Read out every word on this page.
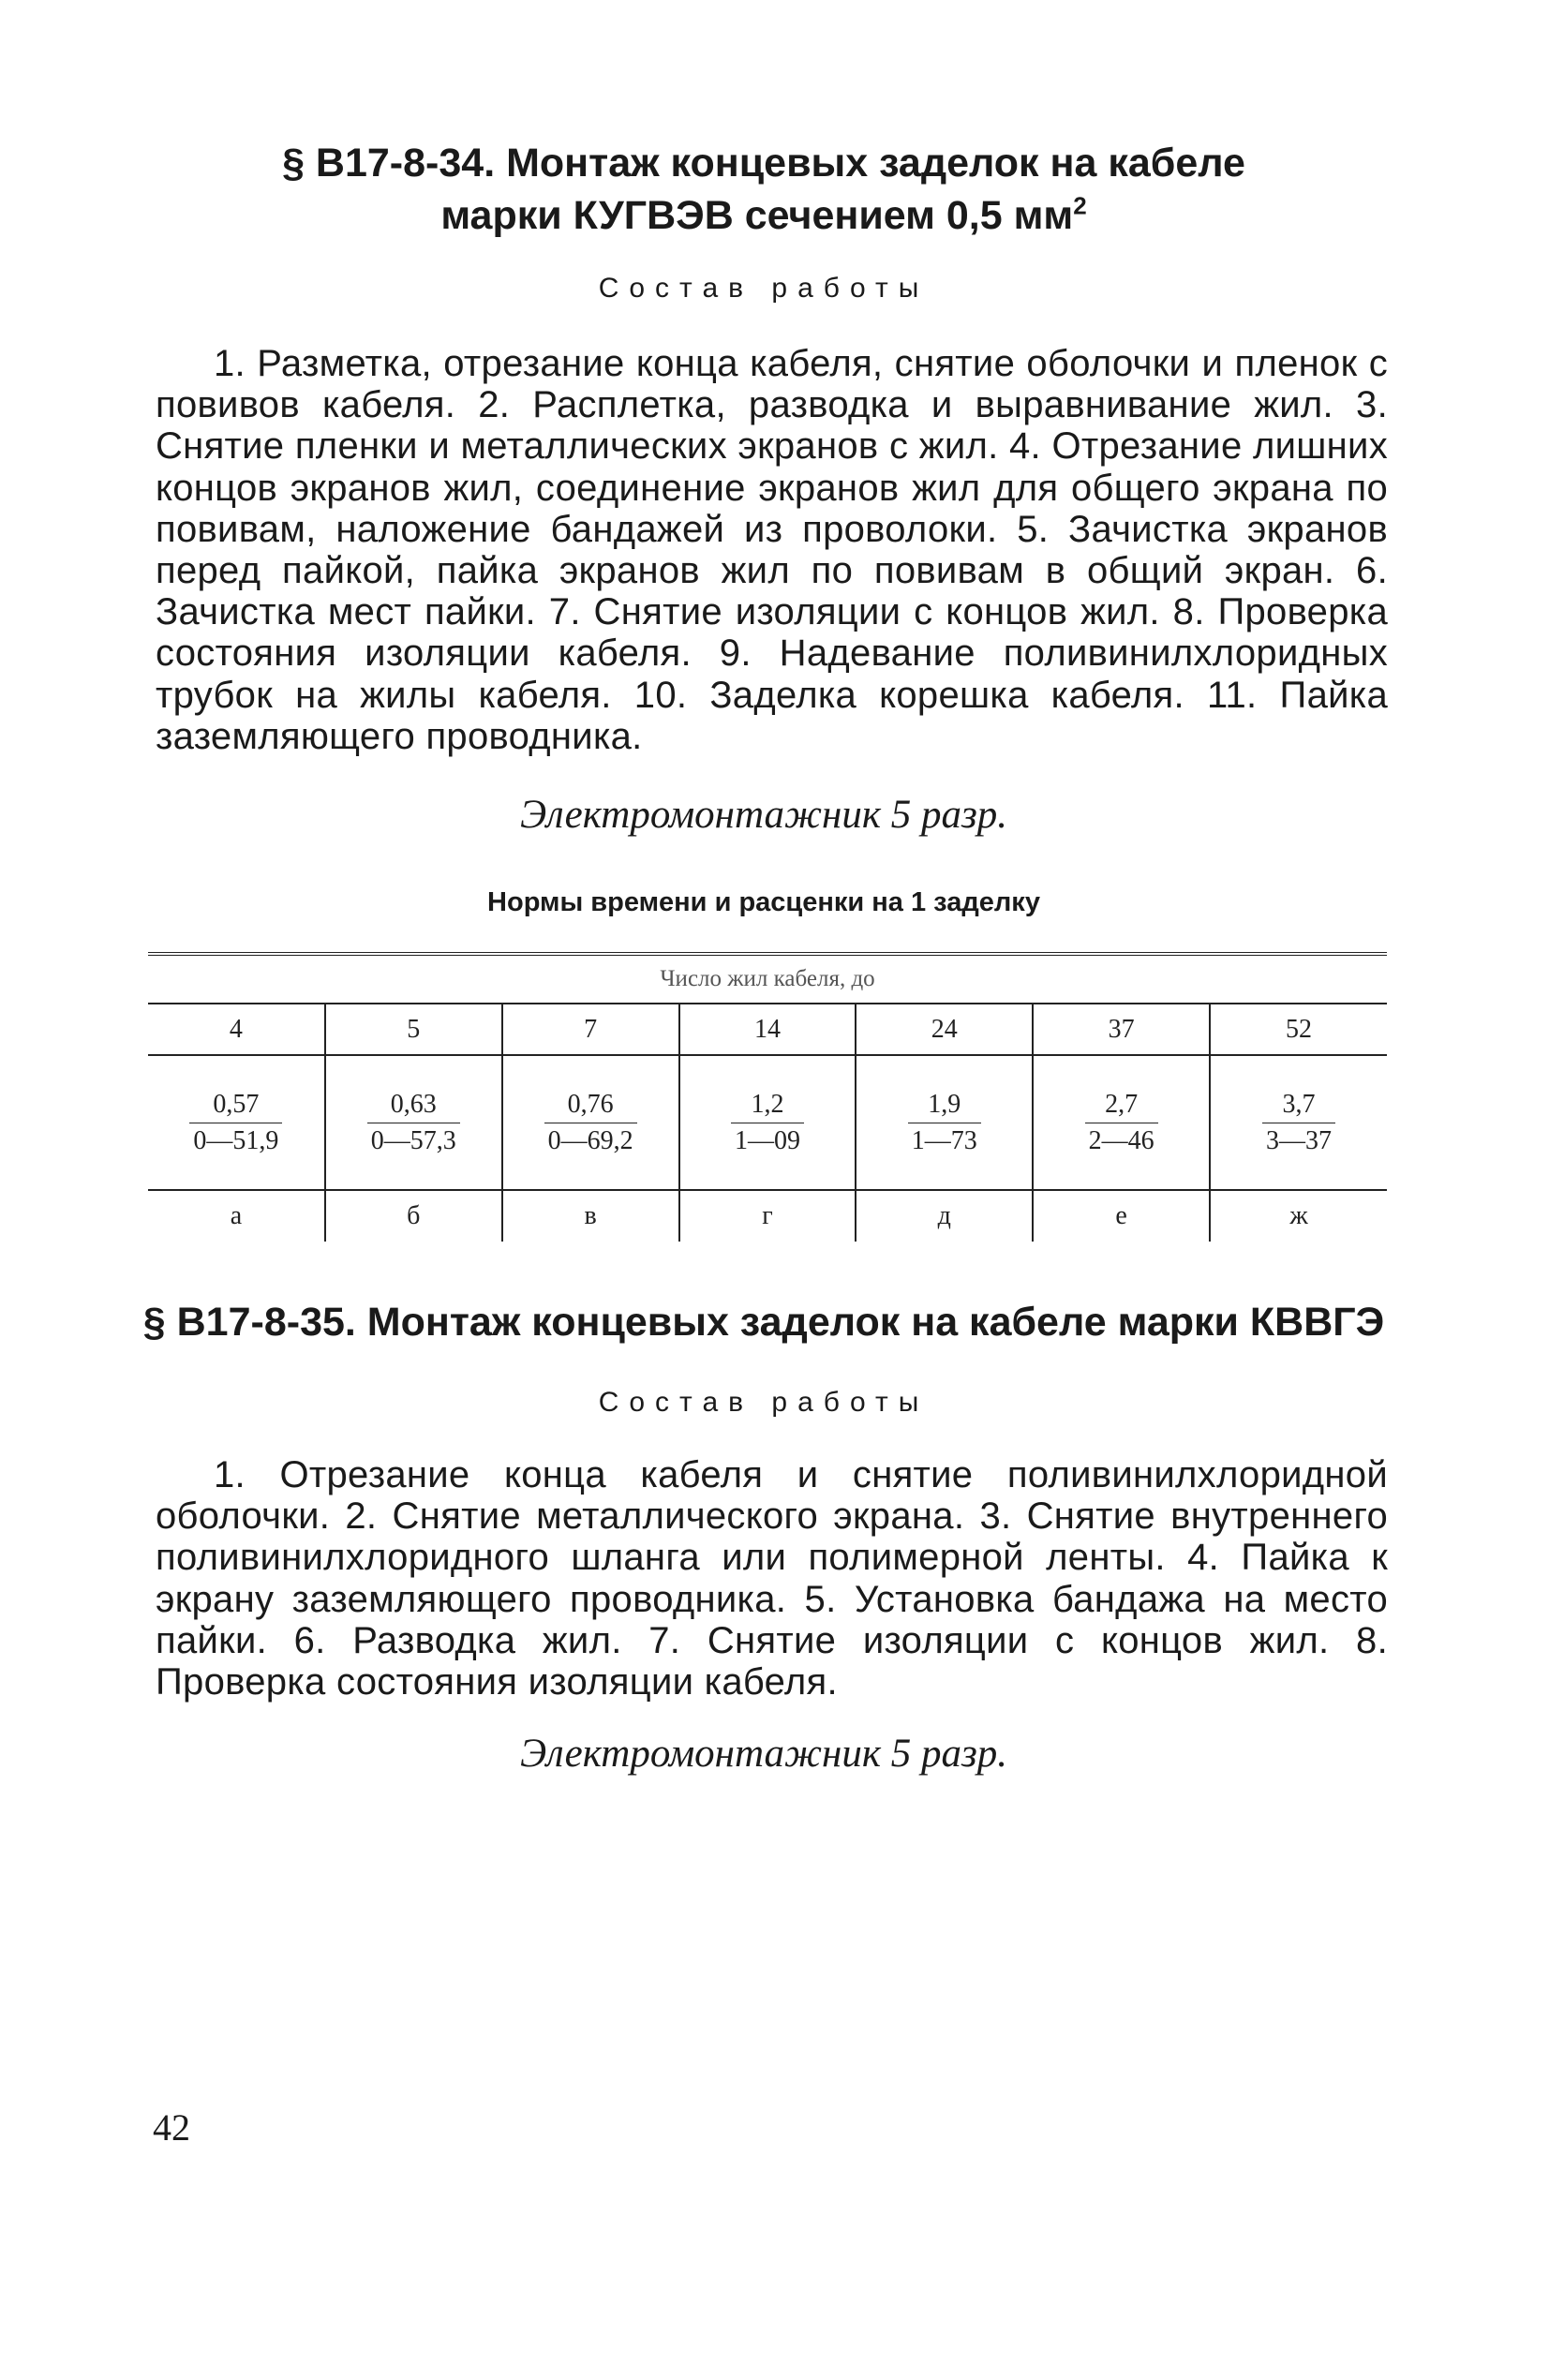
§ В17-8-34. Монтаж концевых заделок на кабеле
марки КУГВЭВ сечением 0,5 $мм^2$

Состав работы

1. Разметка, отрезание конца кабеля, снятие оболочки и пленок с повивов кабеля. 2. Расплетка, разводка и выравнивание жил. 3. Снятие пленки и металлических экранов с жил. 4. Отрезание лишних концов экранов жил, соединение экранов жил для общего экрана по повивам, наложение бандажей из проволоки. 5. Зачистка экранов перед пайкой, пайка экранов жил по повивам в общий экран. 6. Зачистка мест пайки. 7. Снятие изоляции с концов жил. 8. Проверка состояния изоляции кабеля. 9. Надевание поливинилхлоридных трубок на жилы кабеля. 10. Заделка корешка кабеля. 11. Пайка заземляющего проводника.

Электромонтажник 5 разр.

Нормы времени и расценки на 1 заделку

Число жил кабеля, до						
4	5	7	14	24	37	52

$\frac{0,57}{0—51,9}$	$\frac{0,63}{0—57,3}$	$\frac{0,76}{0—69,2}$	$\frac{1,2}{1—09}$	$\frac{1,9}{1—73}$	$\frac{2,7}{2—46}$	$\frac{3,7}{3—37}$

а	б	в	г	д	е	ж
§ В17-8-35. Монтаж концевых заделок на кабеле марки КВВГЭ

Состав работы

1. Отрезание конца кабеля и снятие поливинилхлоридной оболочки. 2. Снятие металлического экрана. 3. Снятие внутреннего поливинилхлоридного шланга или полимерной ленты. 4. Пайка к экрану заземляющего проводника. 5. Установка бандажа на место пайки. 6. Разводка жил. 7. Снятие изоляции с концов жил. 8. Проверка состояния изоляции кабеля.

Электромонтажник 5 разр.

42
